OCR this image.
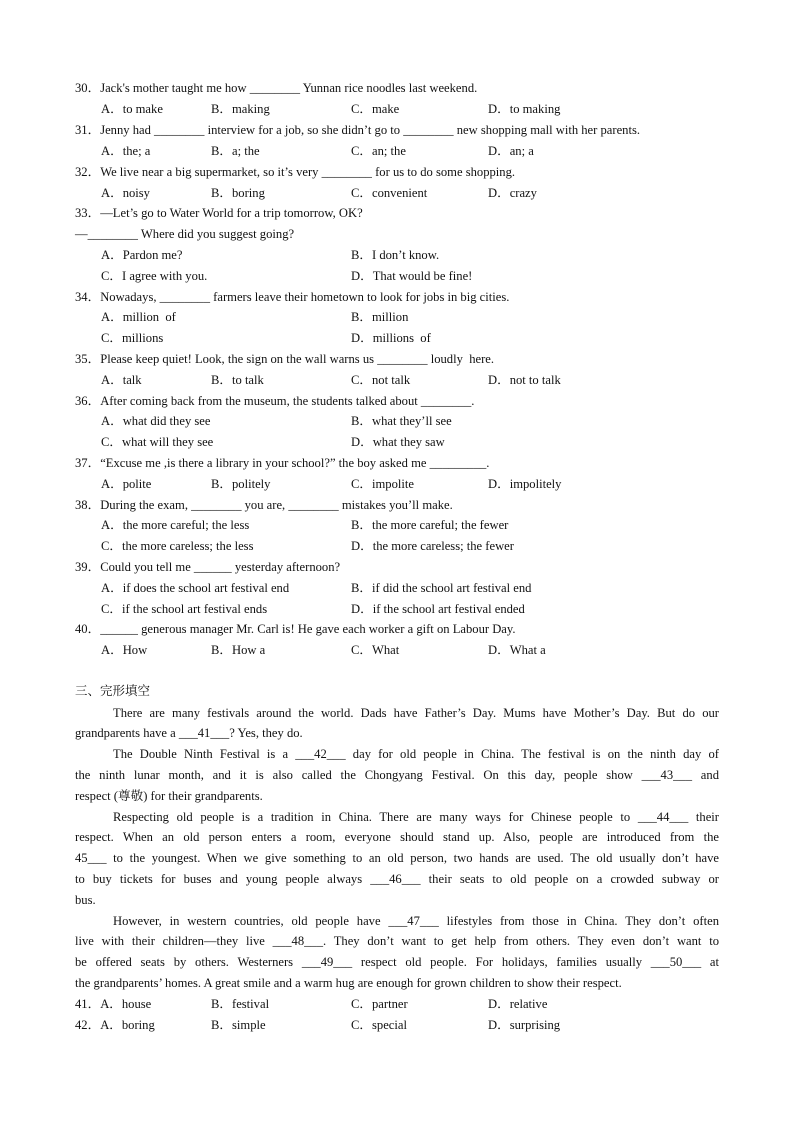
30．Jack's mother taught me how ________ Yunnan rice noodles last weekend.
A．to make	B．making	C．make	D．to making
31．Jenny had ________ interview for a job, so she didn’t go to ________ new shopping mall with her parents.
A．the; a	B．a; the	C．an; the	D．an; a
32．We live near a big supermarket, so it’s very ________ for us to do some shopping.
A．noisy	B．boring	C．convenient	D．crazy
33．—Let’s go to Water World for a trip tomorrow, OK?
—________ Where did you suggest going?
A．Pardon me?	B．I don’t know.
C．I agree with you.	D．That would be fine!
34．Nowadays, ________ farmers leave their hometown to look for jobs in big cities.
A．million  of	B．million
C．millions	D．millions  of
35．Please keep quiet! Look, the sign on the wall warns us ________ loudly  here.
A．talk	B．to talk	C．not talk	D．not to talk
36．After coming back from the museum, the students talked about ________.
A．what did they see	B．what they’ll see
C．what will they see	D．what they saw
37．“Excuse me ,is there a library in your school?” the boy asked me _________.
A．polite	B．politely	C．impolite	D．impolitely
38．During the exam, ________ you are, ________ mistakes you’ll make.
A．the more careful; the less	B．the more careful; the fewer
C．the more careless; the less	D．the more careless; the fewer
39．Could you tell me ______ yesterday afternoon?
A．if does the school art festival end	B．if did the school art festival end
C．if the school art festival ends	D．if the school art festival ended
40．______ generous manager Mr. Carl is! He gave each worker a gift on Labour Day.
A．How	B．How a	C．What	D．What a
三、完形填空
There are many festivals around the world. Dads have Father’s Day. Mums have Mother’s Day. But do our
grandparents have a ___41___? Yes, they do.
The Double Ninth Festival is a ___42___ day for old people in China. The festival is on the ninth day of
the ninth lunar month, and it is also called the Chongyang Festival. On this day, people show ___43___ and
respect (尊敬) for their grandparents.
Respecting old people is a tradition in China. There are many ways for Chinese people to ___44___ their
respect. When an old person enters a room, everyone should stand up. Also, people are introduced from the
45___ to the youngest. When we give something to an old person, two hands are used. The old usually don’t have
to buy tickets for buses and young people always ___46___ their seats to old people on a crowded subway or
bus.
However, in western countries, old people have ___47___ lifestyles from those in China. They don’t often
live with their children—they live ___48___. They don’t want to get help from others. They even don’t want to
be offered seats by others. Westerners ___49___ respect old people. For holidays, families usually ___50___ at
the grandparents’ homes. A great smile and a warm hug are enough for grown children to show their respect.
41．A．house	B．festival	C．partner	D．relative
42．A．boring	B．simple	C．special	D．surprising
